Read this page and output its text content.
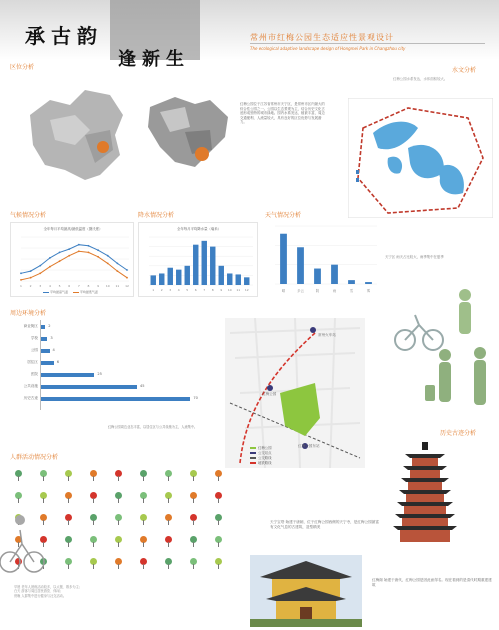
承古韵
逢新生
常州市红梅公园生态适应性景观设计
The ecological adaptive landscape design of Hongmei Park in Changzhou city
区位分析
红梅公园位于江苏省常州市天宁区，是常州市区内最大的综合性公园之一。公园以生态景观为主，结合历史文化古迹形成独特的城市绿地。园内水系发达，植被丰富，周边交通便利，人流量较大，具有良好的区位优势与发展潜力。
水文分析
红梅公园水系发达，水体面积较大。
气候情况分析
全年每月平均最高/最低温度（摄氏度）
1	2	3	4	5	6	7	8	9 10 11 12
平均最高气温	平均最低气温
降水情况分析
全年每月平均降水量（毫米）
1 2 3 4 5 6 7 8 9 10 11 12
天气情况分析
晴	多云	阴	雨	雪	雾
天宁区 雨天占比较大，雨季集中在夏季
周边环境分析
商业街区	2
学校	3
公园	4
居住区	6
医院	25
公共设施	45
历史古迹	70
红梅公园周边业态丰富，以居住区与公共设施为主，人流集中。
常州火车站
红梅公园
红梅公园东站
红梅公园
公交站点
公交路线
地铁路线
历史古迹分析
天宁宝塔 始建于唐朝，位于红梅公园西侧的天宁寺，是红梅公园最富有文化气息的古建筑，造型精美
红梅阁 始建于唐代，红梅公园是因此而得名。现在看到的是清代时期重建建筑
人群活动情况分析
早晨 老年人晨练活动较多，以太极、散步为主；
白天 游客与周边居民游览、休闲；
傍晚 人群集中进行健身与社交活动。
